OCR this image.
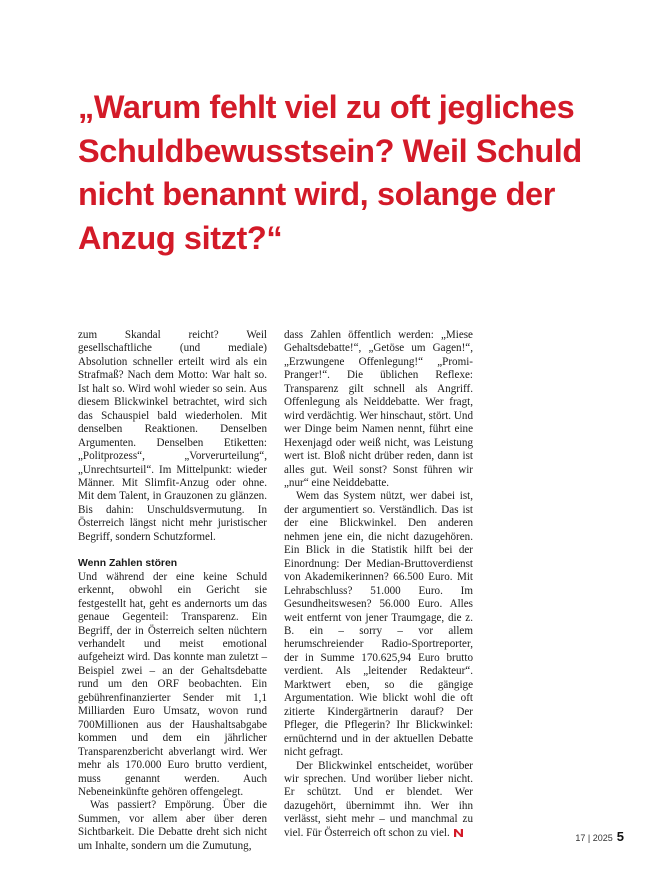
„Warum fehlt viel zu oft jegliches Schuldbewusstsein? Weil Schuld nicht benannt wird, solange der Anzug sitzt?“

zum Skandal reicht? Weil gesellschaftliche (und mediale) Absolution schneller erteilt wird als ein Strafmaß? Nach dem Motto: War halt so. Ist halt so. Wird wohl wieder so sein. Aus diesem Blickwinkel betrachtet, wird sich das Schauspiel bald wiederholen. Mit denselben Reaktionen. Denselben Argumenten. Denselben Etiketten: „Politprozess“, „Vorverurteilung“, „Unrechtsurteil“. Im Mittelpunkt: wieder Männer. Mit Slimfit-Anzug oder ohne. Mit dem Talent, in Grauzonen zu glänzen. Bis dahin: Unschuldsvermutung. In Österreich längst nicht mehr juristischer Begriff, sondern Schutzformel.

Wenn Zahlen stören

Und während der eine keine Schuld erkennt, obwohl ein Gericht sie festgestellt hat, geht es andernorts um das genaue Gegenteil: Transparenz. Ein Begriff, der in Österreich selten nüchtern verhandelt und meist emotional aufgeheizt wird. Das konnte man zuletzt – Beispiel zwei – an der Gehaltsdebatte rund um den ORF beobachten. Ein gebührenfinanzierter Sender mit 1,1 Milliarden Euro Umsatz, wovon rund 700Millionen aus der Haushaltsabgabe kommen und dem ein jährlicher Transparenzbericht abverlangt wird. Wer mehr als 170.000 Euro brutto verdient, muss genannt werden. Auch Nebeneinkünfte gehören offengelegt.

Was passiert? Empörung. Über die Summen, vor allem aber über deren Sichtbarkeit. Die Debatte dreht sich nicht um Inhalte, sondern um die Zumutung,

dass Zahlen öffentlich werden: „Miese Gehaltsdebatte!“, „Getöse um Gagen!“, „Erzwungene Offenlegung!“ „Promi-Pranger!“. Die üblichen Reflexe: Transparenz gilt schnell als Angriff. Offenlegung als Neiddebatte. Wer fragt, wird verdächtig. Wer hinschaut, stört. Und wer Dinge beim Namen nennt, führt eine Hexenjagd oder weiß nicht, was Leistung wert ist. Bloß nicht drüber reden, dann ist alles gut. Weil sonst? Sonst führen wir „nur“ eine Neiddebatte.

Wem das System nützt, wer dabei ist, der argumentiert so. Verständlich. Das ist der eine Blickwinkel. Den anderen nehmen jene ein, die nicht dazugehören. Ein Blick in die Statistik hilft bei der Einordnung: Der Median-Bruttoverdienst von Akademikerinnen? 66.500 Euro. Mit Lehrabschluss? 51.000 Euro. Im Gesundheitswesen? 56.000 Euro. Alles weit entfernt von jener Traumgage, die z. B. ein – sorry – vor allem herumschreiender Radio-Sportreporter, der in Summe 170.625,94 Euro brutto verdient. Als „leitender Redakteur“. Marktwert eben, so die gängige Argumentation. Wie blickt wohl die oft zitierte Kindergärtnerin darauf? Der Pfleger, die Pflegerin? Ihr Blickwinkel: ernüchternd und in der aktuellen Debatte nicht gefragt.

Der Blickwinkel entscheidet, worüber wir sprechen. Und worüber lieber nicht. Er schützt. Und er blendet. Wer dazugehört, übernimmt ihn. Wer ihn verlässt, sieht mehr – und manchmal zu viel. Für Österreich oft schon zu viel.	17 | 2025 5
